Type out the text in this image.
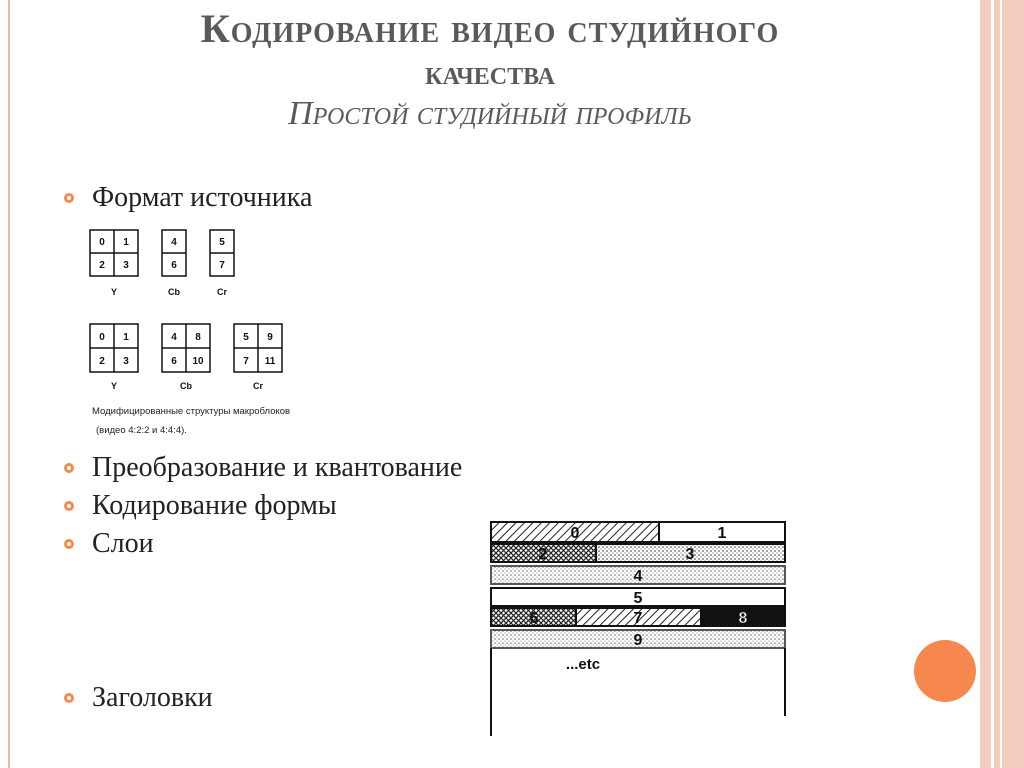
Кодирование видео студийного
качества
Простой студийный профиль
Формат источника
Преобразование и квантование
Кодирование формы
Слои
Заголовки
0 1
2 3
4
6
5
7
Y	Cb	Cr
0 1
2 3
4 8
6 10
5 9
7 11
Y	Cb	Cr
Модифицированные структуры макроблоков
(видео 4:2:2 и 4:4:4).
0	1
2	3
4
5
6	7	8
9
...etc
